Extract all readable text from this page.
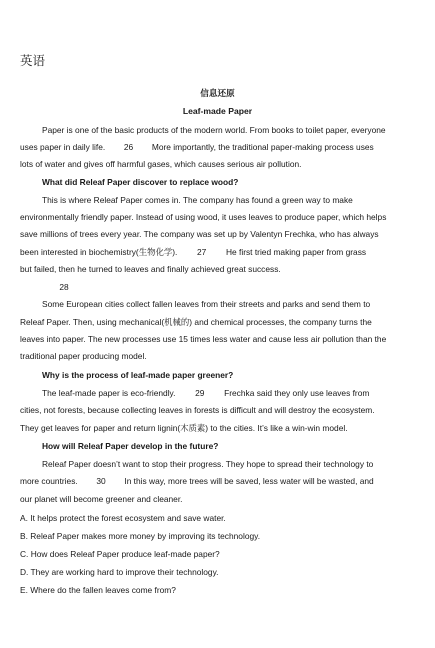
英语
信息还原
Leaf-made Paper
Paper is one of the basic products of the modern world. From books to toilet paper, everyone
uses paper in daily life. 26 More importantly, the traditional paper-making process uses
lots of water and gives off harmful gases, which causes serious air pollution.
What did Releaf Paper discover to replace wood?
This is where Releaf Paper comes in. The company has found a green way to make
environmentally friendly paper. Instead of using wood, it uses leaves to produce paper, which helps
save millions of trees every year. The company was set up by Valentyn Frechka, who has always
been interested in biochemistry(生物化学). 27 He first tried making paper from grass
but failed, then he turned to leaves and finally achieved great success.
28
Some European cities collect fallen leaves from their streets and parks and send them to
Releaf Paper. Then, using mechanical(机械的) and chemical processes, the company turns the
leaves into paper. The new processes use 15 times less water and cause less air pollution than the
traditional paper producing model.
Why is the process of leaf-made paper greener?
The leaf-made paper is eco-friendly. 29 Frechka said they only use leaves from
cities, not forests, because collecting leaves in forests is difficult and will destroy the ecosystem.
They get leaves for paper and return lignin(木质素) to the cities. It’s like a win-win model.
How will Releaf Paper develop in the future?
Releaf Paper doesn’t want to stop their progress. They hope to spread their technology to
more countries. 30 In this way, more trees will be saved, less water will be wasted, and
our planet will become greener and cleaner.
A. It helps protect the forest ecosystem and save water.
B. Releaf Paper makes more money by improving its technology.
C. How does Releaf Paper produce leaf-made paper?
D. They are working hard to improve their technology.
E. Where do the fallen leaves come from?
